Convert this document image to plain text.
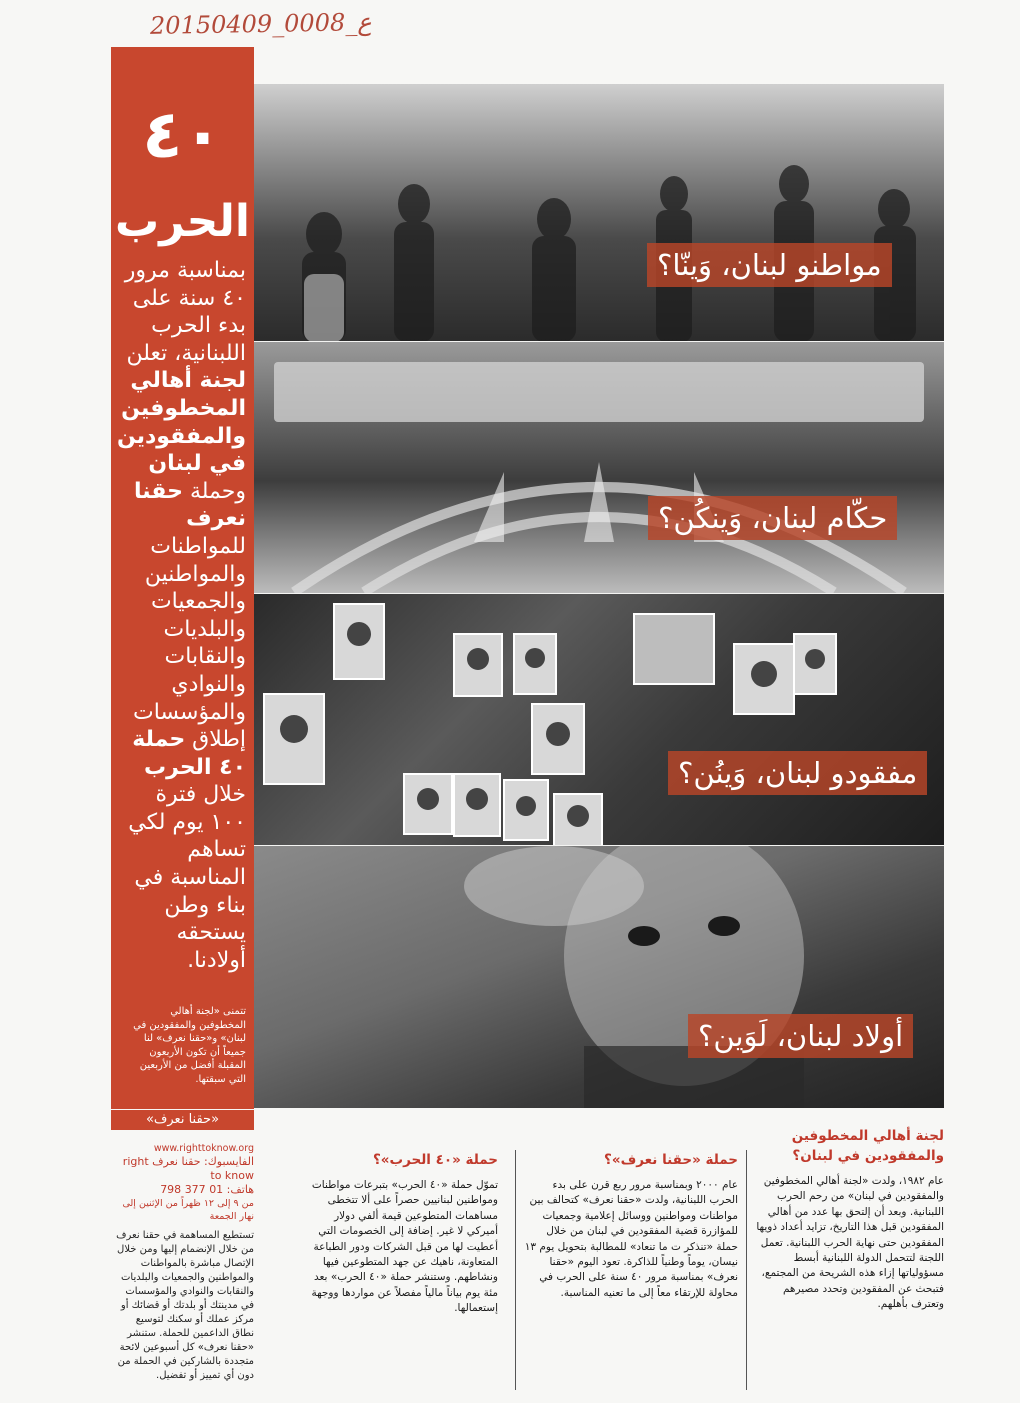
20150409_0008_ع
٤٠
الحرب
بمناسبة مرور ٤٠ سنة على بدء الحرب اللبنانية، تعلن لجنة أهالي المخطوفين والمفقودين في لبنان وحملة حقنا نعرف للمواطنات والمواطنين والجمعيات والبلديات والنقابات والنوادي والمؤسسات إطلاق حملة ٤٠ الحرب خلال فترة ١٠٠ يوم لكي تساهم المناسبة في بناء وطن يستحقه أولادنا.
تتمنى «لجنة أهالي المخطوفين والمفقودين في لبنان» و«حقنا نعرف» لنا جميعاً أن تكون الأربعون المقبلة أفضل من الأربعين التي سبقتها.
«حقنا نعرف»
مواطنو لبنان، وَينّا؟
حكّام لبنان، وَينكُن؟
مفقودو لبنان، وَينُن؟
أولاد لبنان، لَوَين؟
www.righttoknow.org
الفايسبوك: حقنا نعرف right to know
هاتف: 01 377 798
من ٩ إلى ١٢ ظهراً من الإثنين إلى نهار الجمعة
تستطيع المساهمة في حقنا نعرف من خلال الإنضمام إليها ومن خلال الإتصال مباشرة بالمواطنات والمواطنين والجمعيات والبلديات والنقابات والنوادي والمؤسسات في مدينتك أو بلدتك أو قضائك أو مركز عملك أو سكنك لتوسيع نطاق الداعمين للحملة. ستنشر «حقنا نعرف» كل أسبوعين لائحة متجددة بالشاركين في الحملة من دون أي تمييز أو تفضيل.
حملة «٤٠ الحرب»؟

تموّل حملة «٤٠ الحرب» بتبرعات مواطنات ومواطنين لبنانيين حصراً على ألا تتخطى مساهمات المتطوعين قيمة ألفي دولار أميركي لا غير. إضافة إلى الخصومات التي أعطيت لها من قبل الشركات ودور الطباعة المتعاونة، ناهيك عن جهد المتطوعين فيها ونشاطهم. وستنشر حملة «٤٠ الحرب» بعد مئة يوم بياناً مالياً مفصلاً عن مواردها ووجهة إستعمالها.

حملة «حقنا نعرف»؟

عام ٢٠٠٠ وبمناسبة مرور ربع قرن على بدء الحرب اللبنانية، ولدت «حقنا نعرف» كتحالف بين مواطنات ومواطنين ووسائل إعلامية وجمعيات للمؤازرة قضية المفقودين في لبنان من خلال حملة «تنذكر ت ما تنعاد» للمطالبة بتحويل يوم ١٣ نيسان، يوماً وطنياً للذاكرة. تعود اليوم «حقنا نعرف» بمناسبة مرور ٤٠ سنة على الحرب في محاولة للإرتقاء معاً إلى ما تعنيه المناسبة.

لجنة أهالي المخطوفين والمفقودين في لبنان؟

عام ١٩٨٢، ولدت «لجنة أهالي المخطوفين والمفقودين في لبنان» من رحم الحرب اللبنانية. وبعد أن إلتحق بها عدد من أهالي المفقودين قبل هذا التاريخ، تزايد أعداد ذويها المفقودين حتى نهاية الحرب اللبنانية. تعمل اللجنة لتتحمل الدولة اللبنانية أبسط مسؤولياتها إزاء هذه الشريحة من المجتمع، فتبحث عن المفقودين وتحدد مصيرهم وتعترف بأهلهم.
